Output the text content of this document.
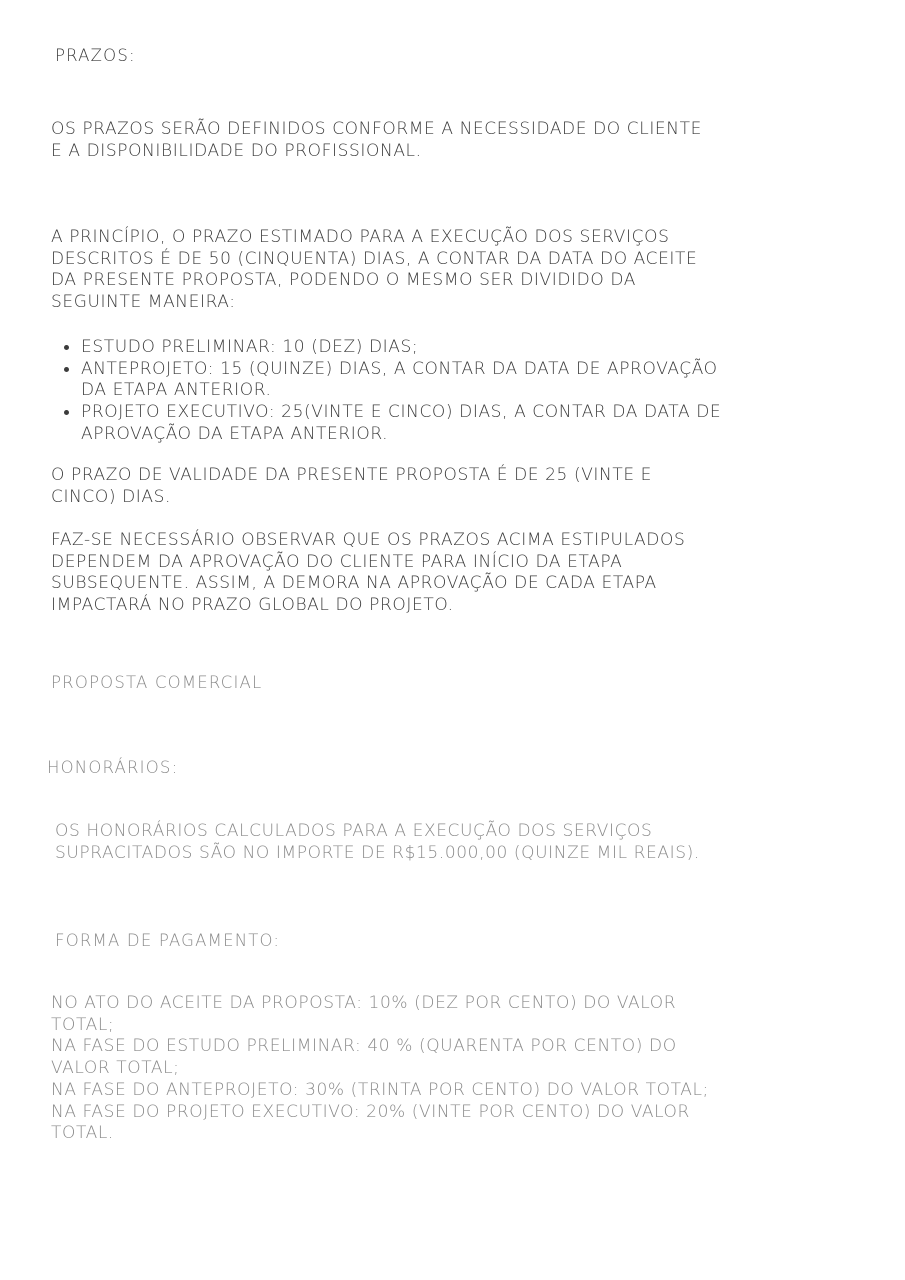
PRAZOS:

OS PRAZOS SERÃO DEFINIDOS CONFORME A NECESSIDADE DO CLIENTE
E A DISPONIBILIDADE DO PROFISSIONAL.

A PRINCÍPIO, O PRAZO ESTIMADO PARA A EXECUÇÃO DOS SERVIÇOS
DESCRITOS É DE 50 (CINQUENTA) DIAS, A CONTAR DA DATA DO ACEITE
DA PRESENTE PROPOSTA, PODENDO O MESMO SER DIVIDIDO DA
SEGUINTE MANEIRA:

ESTUDO PRELIMINAR: 10 (DEZ) DIAS;
ANTEPROJETO: 15 (QUINZE) DIAS, A CONTAR DA DATA DE APROVAÇÃO
DA ETAPA ANTERIOR.
PROJETO EXECUTIVO: 25(VINTE E CINCO) DIAS, A CONTAR DA DATA DE
APROVAÇÃO DA ETAPA ANTERIOR.

O PRAZO DE VALIDADE DA PRESENTE PROPOSTA É DE 25 (VINTE E
CINCO) DIAS.

FAZ-SE NECESSÁRIO OBSERVAR QUE OS PRAZOS ACIMA ESTIPULADOS
DEPENDEM DA APROVAÇÃO DO CLIENTE PARA INÍCIO DA ETAPA
SUBSEQUENTE. ASSIM, A DEMORA NA APROVAÇÃO DE CADA ETAPA
IMPACTARÁ NO PRAZO GLOBAL DO PROJETO.

PROPOSTA COMERCIAL

HONORÁRIOS:

OS HONORÁRIOS CALCULADOS PARA A EXECUÇÃO DOS SERVIÇOS
SUPRACITADOS SÃO NO IMPORTE DE R$15.000,00 (QUINZE MIL REAIS).

FORMA DE PAGAMENTO:

NO ATO DO ACEITE DA PROPOSTA: 10% (DEZ POR CENTO) DO VALOR
TOTAL;
NA FASE DO ESTUDO PRELIMINAR: 40 % (QUARENTA POR CENTO) DO
VALOR TOTAL;
NA FASE DO ANTEPROJETO: 30% (TRINTA POR CENTO) DO VALOR TOTAL;
NA FASE DO PROJETO EXECUTIVO: 20% (VINTE POR CENTO) DO VALOR
TOTAL.
